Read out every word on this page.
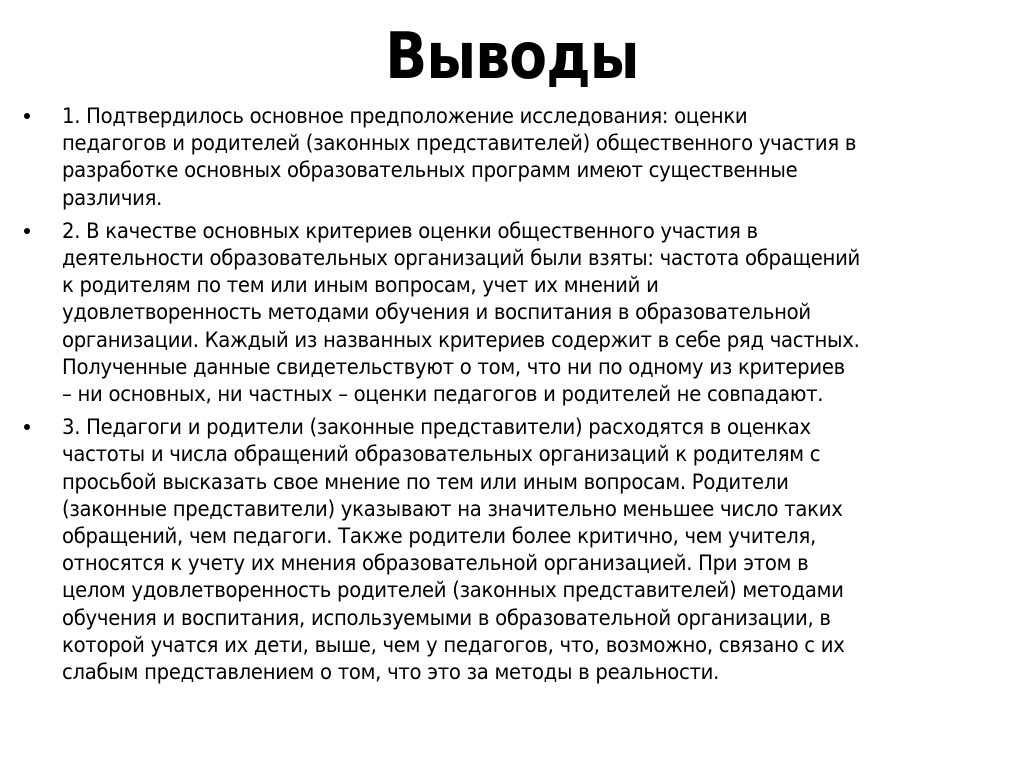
Выводы
1. Подтвердилось основное предположение исследования: оценки
педагогов и родителей (законных представителей) общественного участия в
разработке основных образовательных программ имеют существенные
различия.
2. В качестве основных критериев оценки общественного участия в
деятельности образовательных организаций были взяты: частота обращений
к родителям по тем или иным вопросам, учет их мнений и
удовлетворенность методами обучения и воспитания в образовательной
организации. Каждый из названных критериев содержит в себе ряд частных.
Полученные данные свидетельствуют о том, что ни по одному из критериев
– ни основных, ни частных – оценки педагогов и родителей не совпадают.
3. Педагоги и родители (законные представители) расходятся в оценках
частоты и числа обращений образовательных организаций к родителям с
просьбой высказать свое мнение по тем или иным вопросам. Родители
(законные представители) указывают на значительно меньшее число таких
обращений, чем педагоги. Также родители более критично, чем учителя,
относятся к учету их мнения образовательной организацией. При этом в
целом удовлетворенность родителей (законных представителей) методами
обучения и воспитания, используемыми в образовательной организации, в
которой учатся их дети, выше, чем у педагогов, что, возможно, связано с их
слабым представлением о том, что это за методы в реальности.
